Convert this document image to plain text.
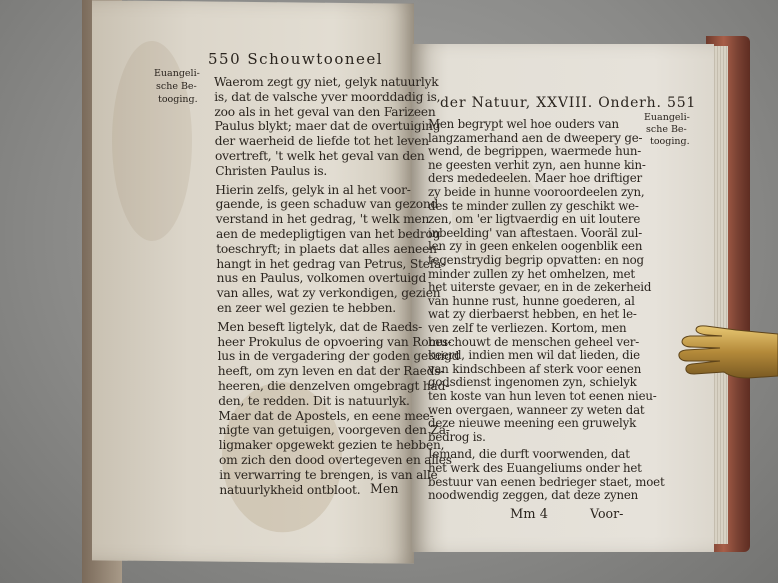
550 Schouwtooneel
der Natuur, XXVIII. Onderh. 551
Euangeli-
sche Be-
tooging.
Euangeli-
sche Be-
tooging.
Waerom zegt gy niet, gelyk natuurlyk
is, dat de valsche yver moorddadig is,
zoo als in het geval van den Farizeen
Paulus blykt; maer dat de overtuiging
der waerheid de liefde tot het leven
overtreft, 't welk het geval van den
Christen Paulus is.
Hierin zelfs, gelyk in al het voor-
gaende, is geen schaduw van gezond
verstand in het gedrag, 't welk men
aen de medepligtigen van het bedrog
toeschryft; in plaets dat alles aeneen-
hangt in het gedrag van Petrus, Stefa-
nus en Paulus, volkomen overtuigd
van alles, wat zy verkondigen, gezien
en zeer wel gezien te hebben.
Men beseft ligtelyk, dat de Raeds-
heer Prokulus de opvoering van Romu-
lus in de vergadering der goden getuigd
heeft, om zyn leven en dat der Raeds-
heeren, die denzelven omgebragt had-
den, te redden. Dit is natuurlyk.
Maer dat de Apostels, en eene mee-
nigte van getuigen, voorgeven den Za-
ligmaker opgewekt gezien te hebben,
om zich den dood overtegeven en alles
in verwarring te brengen, is van alle
natuurlykheid ontbloot.
Men begrypt wel hoe ouders van
langzamerhand aen de dweepery ge-
wend, de begrippen, waermede hun-
ne geesten verhit zyn, aen hunne kin-
ders mededeelen. Maer hoe driftiger
zy beide in hunne vooroordeelen zyn,
des te minder zullen zy geschikt we-
zen, om 'er ligtvaerdig en uit loutere
inbeelding' van aftestaen. Vooräl zul-
len zy in geen enkelen oogenblik een
tegenstrydig begrip opvatten: en nog
minder zullen zy het omhelzen, met
het uiterste gevaer, en in de zekerheid
van hunne rust, hunne goederen, al
wat zy dierbaerst hebben, en het le-
ven zelf te verliezen. Kortom, men
beschouwt de menschen geheel ver-
keerd, indien men wil dat lieden, die
van kindschbeen af sterk voor eenen
godsdienst ingenomen zyn, schielyk
ten koste van hun leven tot eenen nieu-
wen overgaen, wanneer zy weten dat
deze nieuwe meening een gruwelyk
bedrog is.
Iemand, die durft voorwenden, dat
het werk des Euangeliums onder het
bestuur van eenen bedrieger staet, moet
noodwendig zeggen, dat deze zynen
Men
Mm 4	Voor-
